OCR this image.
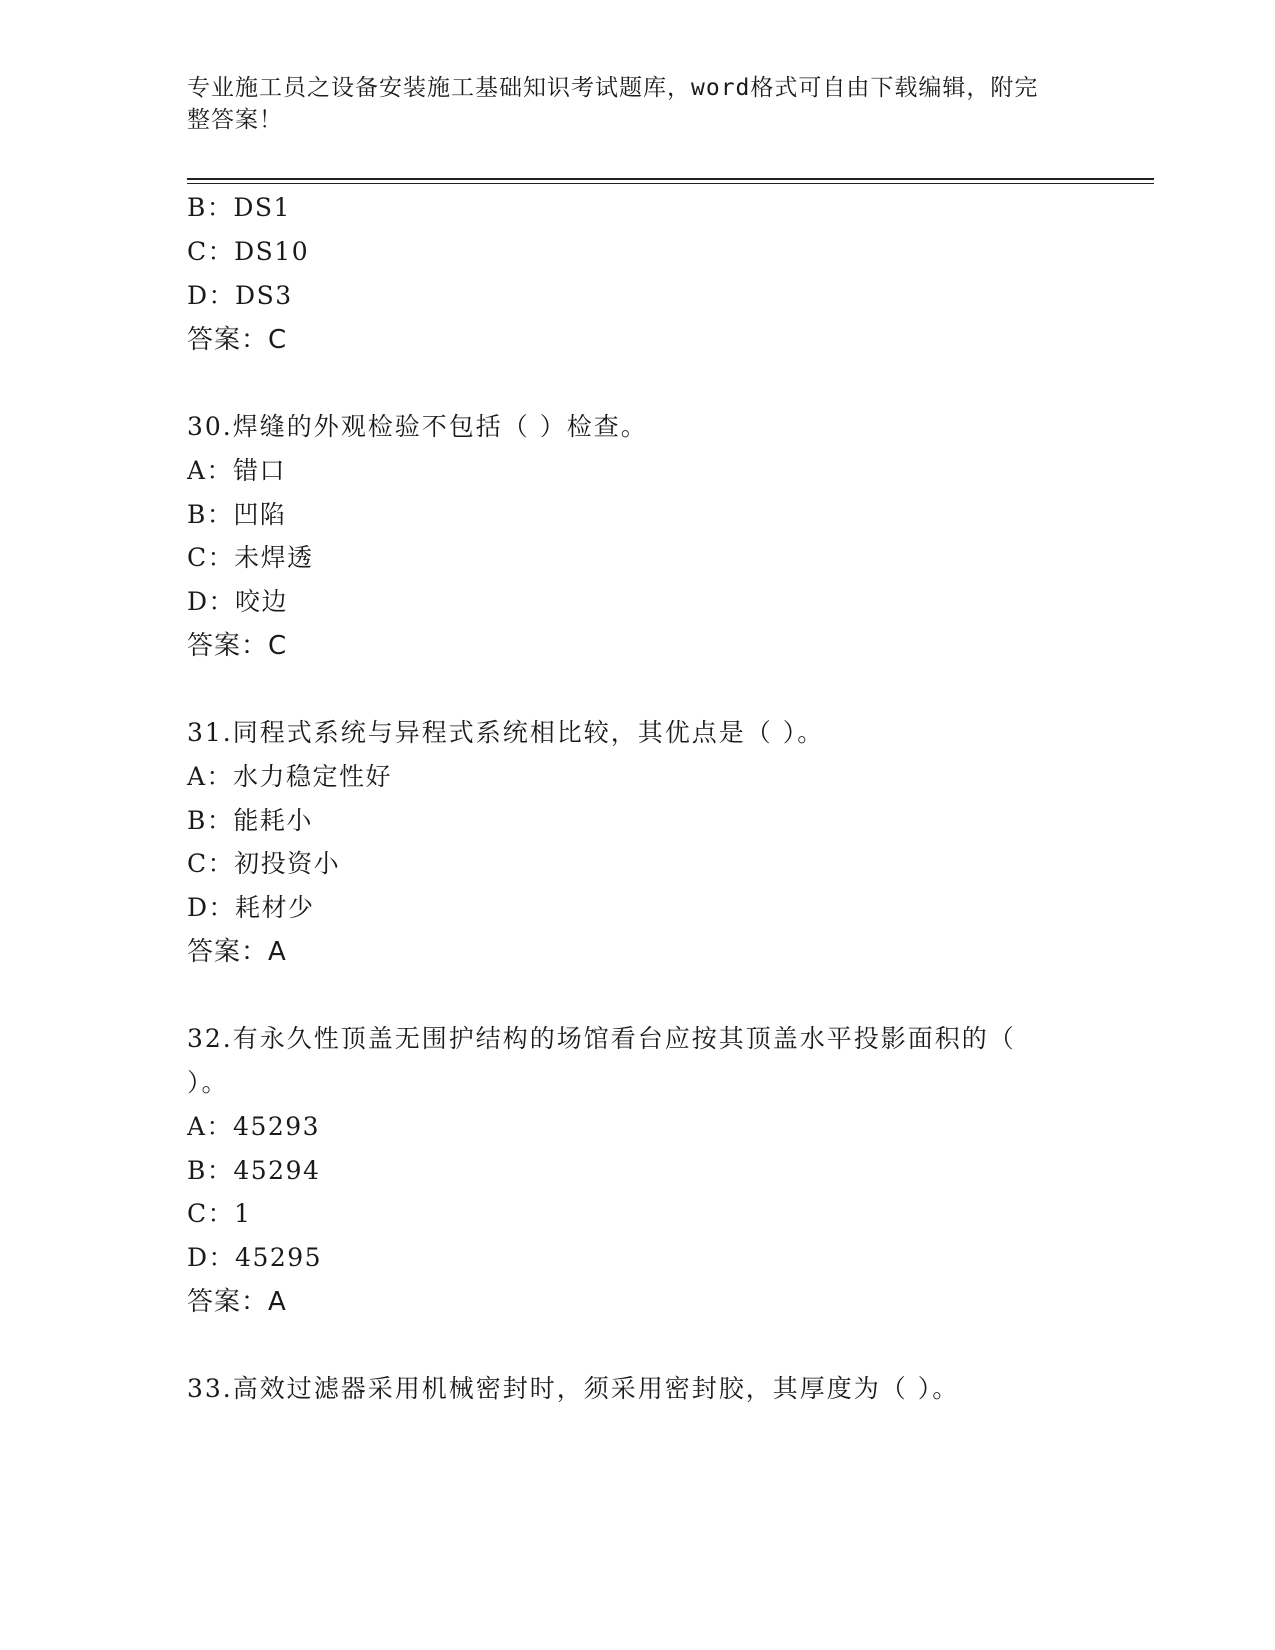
专业施工员之设备安装施工基础知识考试题库，word格式可自由下载编辑，附完
整答案！
B：DS1
C：DS10
D：DS3
答案：C
30.焊缝的外观检验不包括（ ）检查。
A：错口
B：凹陷
C：未焊透
D：咬边
答案：C
31.同程式系统与异程式系统相比较，其优点是（ ）。
A：水力稳定性好
B：能耗小
C：初投资小
D：耗材少
答案：A
32.有永久性顶盖无围护结构的场馆看台应按其顶盖水平投影面积的（
）。
A：45293
B：45294
C：1
D：45295
答案：A
33.高效过滤器采用机械密封时，须采用密封胶，其厚度为（ ）。
